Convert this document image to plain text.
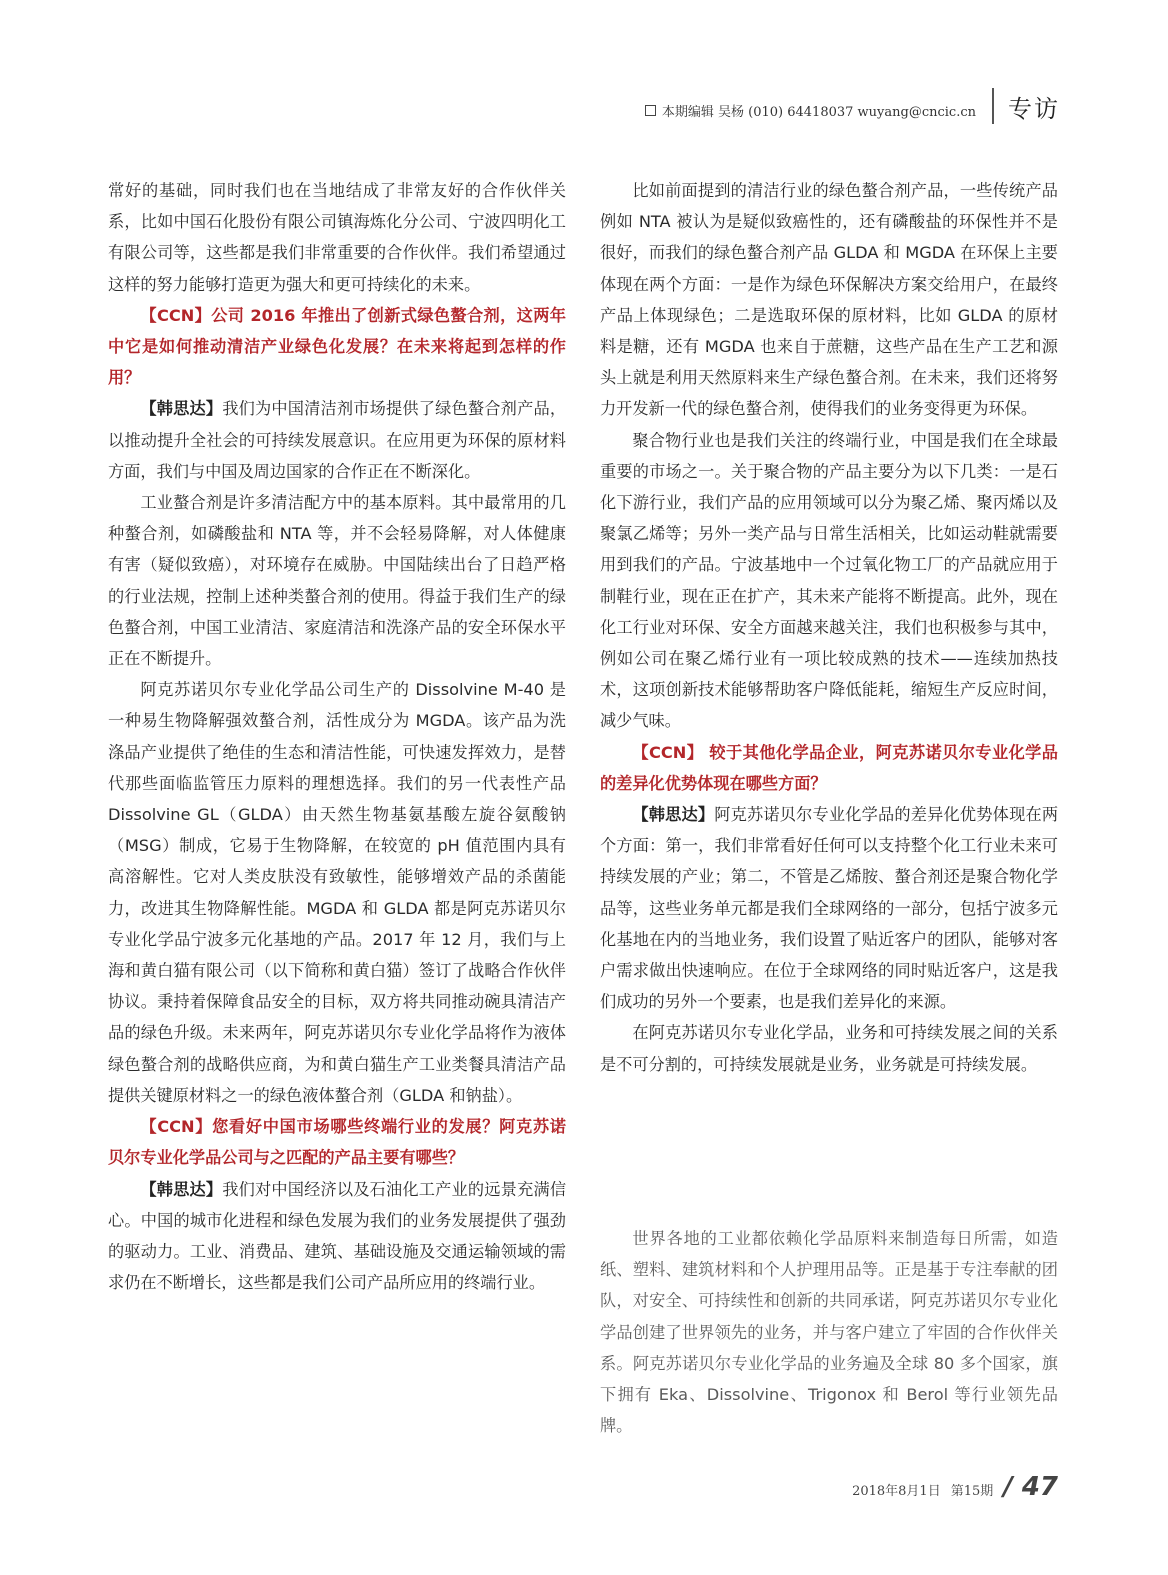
本期编辑 吴杨 (010) 64418037 wuyang@cncic.cn 专访

常好的基础，同时我们也在当地结成了非常友好的合作伙伴关系，比如中国石化股份有限公司镇海炼化分公司、宁波四明化工有限公司等，这些都是我们非常重要的合作伙伴。我们希望通过这样的努力能够打造更为强大和更可持续化的未来。

【CCN】公司 2016 年推出了创新式绿色螯合剂，这两年中它是如何推动清洁产业绿色化发展？在未来将起到怎样的作用？

【韩思达】我们为中国清洁剂市场提供了绿色螯合剂产品，以推动提升全社会的可持续发展意识。在应用更为环保的原材料方面，我们与中国及周边国家的合作正在不断深化。

工业螯合剂是许多清洁配方中的基本原料。其中最常用的几种螯合剂，如磷酸盐和 NTA 等，并不会轻易降解，对人体健康有害（疑似致癌），对环境存在威胁。中国陆续出台了日趋严格的行业法规，控制上述种类螯合剂的使用。得益于我们生产的绿色螯合剂，中国工业清洁、家庭清洁和洗涤产品的安全环保水平正在不断提升。

阿克苏诺贝尔专业化学品公司生产的 Dissolvine M-40 是一种易生物降解强效螯合剂，活性成分为 MGDA。该产品为洗涤品产业提供了绝佳的生态和清洁性能，可快速发挥效力，是替代那些面临监管压力原料的理想选择。我们的另一代表性产品 Dissolvine GL（GLDA）由天然生物基氨基酸左旋谷氨酸钠（MSG）制成，它易于生物降解，在较宽的 pH 值范围内具有高溶解性。它对人类皮肤没有致敏性，能够增效产品的杀菌能力，改进其生物降解性能。MGDA 和 GLDA 都是阿克苏诺贝尔专业化学品宁波多元化基地的产品。2017 年 12 月，我们与上海和黄白猫有限公司（以下简称和黄白猫）签订了战略合作伙伴协议。秉持着保障食品安全的目标，双方将共同推动碗具清洁产品的绿色升级。未来两年，阿克苏诺贝尔专业化学品将作为液体绿色螯合剂的战略供应商，为和黄白猫生产工业类餐具清洁产品提供关键原材料之一的绿色液体螯合剂（GLDA 和钠盐）。

【CCN】您看好中国市场哪些终端行业的发展？阿克苏诺贝尔专业化学品公司与之匹配的产品主要有哪些？

【韩思达】我们对中国经济以及石油化工产业的远景充满信心。中国的城市化进程和绿色发展为我们的业务发展提供了强劲的驱动力。工业、消费品、建筑、基础设施及交通运输领域的需求仍在不断增长，这些都是我们公司产品所应用的终端行业。

比如前面提到的清洁行业的绿色螯合剂产品，一些传统产品例如 NTA 被认为是疑似致癌性的，还有磷酸盐的环保性并不是很好，而我们的绿色螯合剂产品 GLDA 和 MGDA 在环保上主要体现在两个方面：一是作为绿色环保解决方案交给用户，在最终产品上体现绿色；二是选取环保的原材料，比如 GLDA 的原材料是糖，还有 MGDA 也来自于蔗糖，这些产品在生产工艺和源头上就是利用天然原料来生产绿色螯合剂。在未来，我们还将努力开发新一代的绿色螯合剂，使得我们的业务变得更为环保。

聚合物行业也是我们关注的终端行业，中国是我们在全球最重要的市场之一。关于聚合物的产品主要分为以下几类：一是石化下游行业，我们产品的应用领域可以分为聚乙烯、聚丙烯以及聚氯乙烯等；另外一类产品与日常生活相关，比如运动鞋就需要用到我们的产品。宁波基地中一个过氧化物工厂的产品就应用于制鞋行业，现在正在扩产，其未来产能将不断提高。此外，现在化工行业对环保、安全方面越来越关注，我们也积极参与其中，例如公司在聚乙烯行业有一项比较成熟的技术——连续加热技术，这项创新技术能够帮助客户降低能耗，缩短生产反应时间，减少气味。

【CCN】 较于其他化学品企业，阿克苏诺贝尔专业化学品的差异化优势体现在哪些方面？

【韩思达】阿克苏诺贝尔专业化学品的差异化优势体现在两个方面：第一，我们非常看好任何可以支持整个化工行业未来可持续发展的产业；第二，不管是乙烯胺、螯合剂还是聚合物化学品等，这些业务单元都是我们全球网络的一部分，包括宁波多元化基地在内的当地业务，我们设置了贴近客户的团队，能够对客户需求做出快速响应。在位于全球网络的同时贴近客户，这是我们成功的另外一个要素，也是我们差异化的来源。

在阿克苏诺贝尔专业化学品，业务和可持续发展之间的关系是不可分割的，可持续发展就是业务，业务就是可持续发展。

世界各地的工业都依赖化学品原料来制造每日所需，如造纸、塑料、建筑材料和个人护理用品等。正是基于专注奉献的团队，对安全、可持续性和创新的共同承诺，阿克苏诺贝尔专业化学品创建了世界领先的业务，并与客户建立了牢固的合作伙伴关系。阿克苏诺贝尔专业化学品的业务遍及全球 80 多个国家，旗下拥有 Eka、Dissolvine、Trigonox 和 Berol 等行业领先品牌。

2018年8月1日 第15期 / 47
